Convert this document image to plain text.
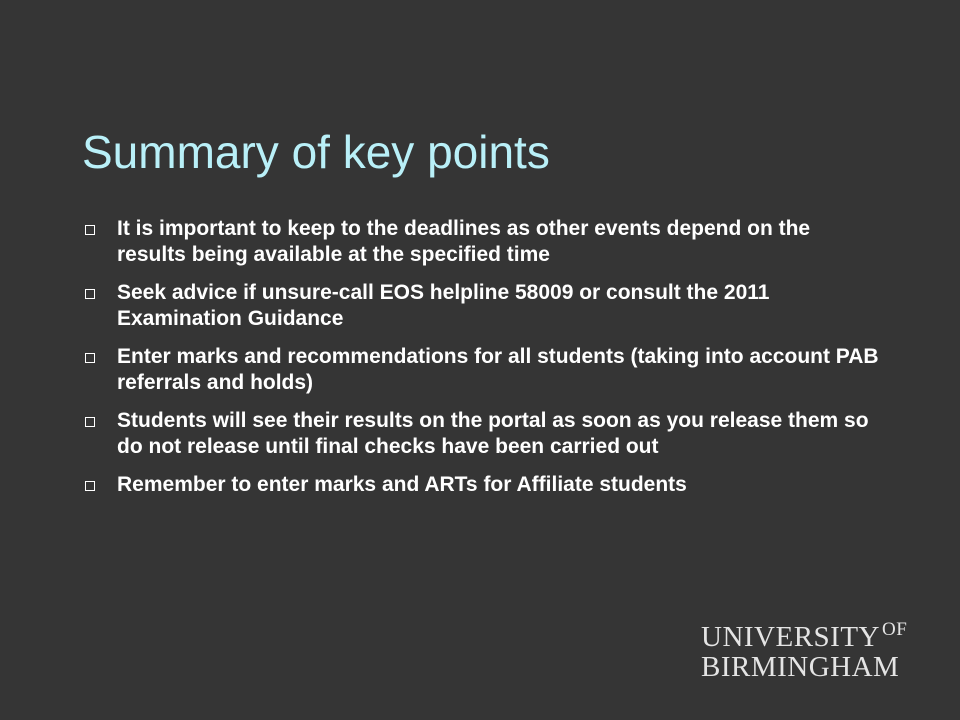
Summary of key points
It is important to keep to the deadlines as other events depend on the results being available at the specified time
Seek advice if unsure-call EOS helpline 58009 or consult the 2011 Examination Guidance
Enter marks and recommendations for all students (taking into account PAB referrals and holds)
Students will see their results on the portal as soon as you release them so do not release until final checks have been carried out
Remember to enter marks and ARTs for Affiliate students
UNIVERSITY OF
BIRMINGHAM
